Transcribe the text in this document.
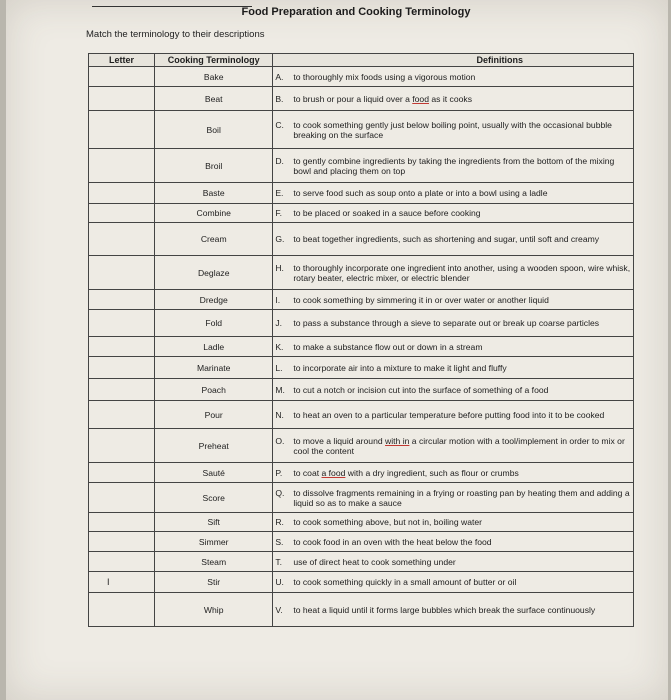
Food Preparation and Cooking Terminology
Match the terminology to their descriptions
Letter	Cooking Terminology	Definitions
	Bake	A. to thoroughly mix foods using a vigorous motion

	Beat	B. to brush or pour a liquid over a food as it cooks

	Boil	C. to cook something gently just below boiling point, usually with the occasional bubble breaking on the surface

	Broil	D. to gently combine ingredients by taking the ingredients from the bottom of the mixing bowl and placing them on top

	Baste	E. to serve food such as soup onto a plate or into a bowl using a ladle

	Combine	F. to be placed or soaked in a sauce before cooking

	Cream	G. to beat together ingredients, such as shortening and sugar, until soft and creamy

	Deglaze	H. to thoroughly incorporate one ingredient into another, using a wooden spoon, wire whisk, rotary beater, electric mixer, or electric blender

	Dredge	I. to cook something by simmering it in or over water or another liquid

	Fold	J. to pass a substance through a sieve to separate out or break up coarse particles

	Ladle	K. to make a substance flow out or down in a stream

	Marinate	L. to incorporate air into a mixture to make it light and fluffy

	Poach	M. to cut a notch or incision cut into the surface of something of a food

	Pour	N. to heat an oven to a particular temperature before putting food into it to be cooked

	Preheat	O. to move a liquid around with in a circular motion with a tool/implement in order to mix or cool the content

	Sauté	P. to coat a food with a dry ingredient, such as flour or crumbs

	Score	Q. to dissolve fragments remaining in a frying or roasting pan by heating them and adding a liquid so as to make a sauce

	Sift	R. to cook something above, but not in, boiling water

	Simmer	S. to cook food in an oven with the heat below the food

	Steam	T. use of direct heat to cook something under

I	Stir	U. to cook something quickly in a small amount of butter or oil

	Whip	V. to heat a liquid until it forms large bubbles which break the surface continuously
